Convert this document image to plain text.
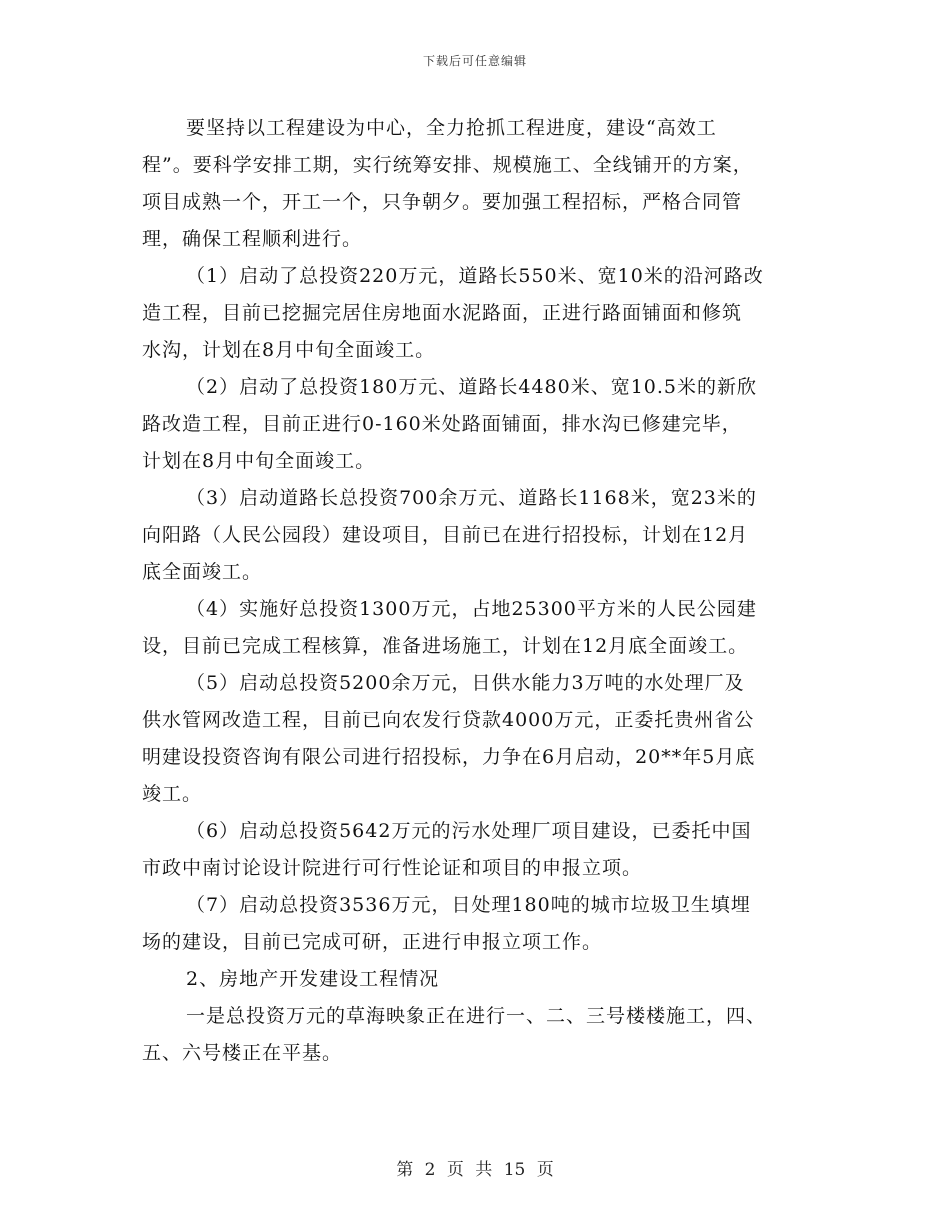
下载后可任意编辑
要坚持以工程建设为中心，全力抢抓工程进度，建设“高效工
程”。要科学安排工期，实行统筹安排、规模施工、全线铺开的方案，
项目成熟一个，开工一个，只争朝夕。要加强工程招标，严格合同管
理，确保工程顺利进行。
（1）启动了总投资220万元，道路长550米、宽10米的沿河路改
造工程，目前已挖掘完居住房地面水泥路面，正进行路面铺面和修筑
水沟，计划在8月中旬全面竣工。
（2）启动了总投资180万元、道路长4480米、宽10.5米的新欣
路改造工程，目前正进行0-160米处路面铺面，排水沟已修建完毕，
计划在8月中旬全面竣工。
（3）启动道路长总投资700余万元、道路长1168米，宽23米的
向阳路（人民公园段）建设项目，目前已在进行招投标，计划在12月
底全面竣工。
（4）实施好总投资1300万元，占地25300平方米的人民公园建
设，目前已完成工程核算，准备进场施工，计划在12月底全面竣工。
（5）启动总投资5200余万元，日供水能力3万吨的水处理厂及
供水管网改造工程，目前已向农发行贷款4000万元，正委托贵州省公
明建设投资咨询有限公司进行招投标，力争在6月启动，20**年5月底
竣工。
（6）启动总投资5642万元的污水处理厂项目建设，已委托中国
市政中南讨论设计院进行可行性论证和项目的申报立项。
（7）启动总投资3536万元，日处理180吨的城市垃圾卫生填埋
场的建设，目前已完成可研，正进行申报立项工作。
2、房地产开发建设工程情况
一是总投资万元的草海映象正在进行一、二、三号楼楼施工，四、
五、六号楼正在平基。
第 2 页 共 15 页
